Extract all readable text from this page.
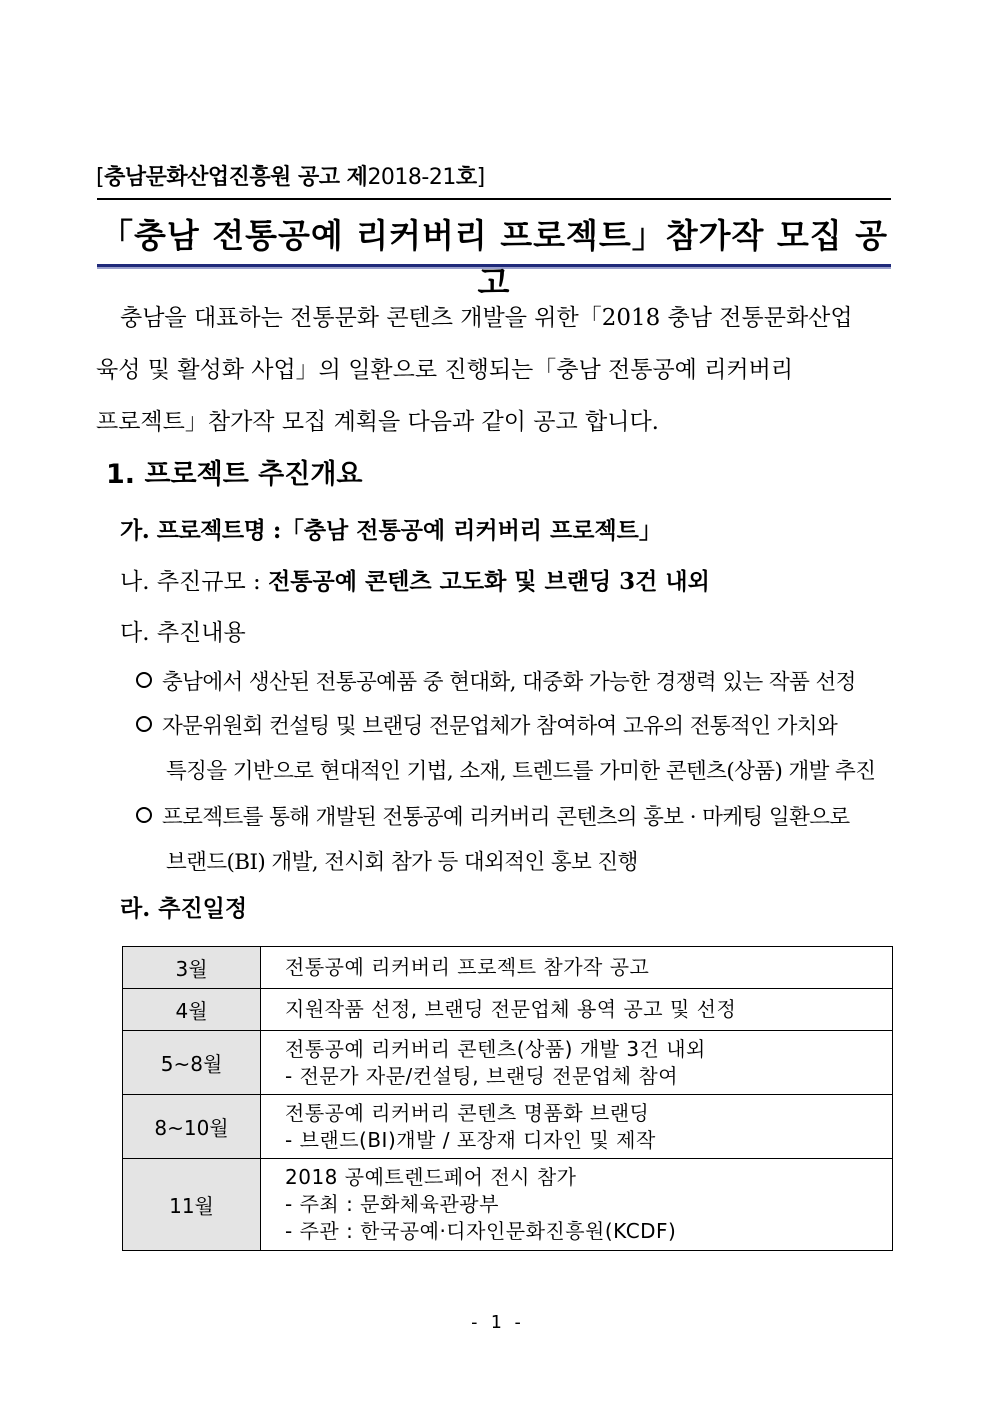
[충남문화산업진흥원 공고 제2018-21호]
「충남 전통공예 리커버리 프로젝트」참가작 모집 공고
충남을 대표하는 전통문화 콘텐츠 개발을 위한「2018 충남 전통문화산업
육성 및 활성화 사업」의 일환으로 진행되는「충남 전통공예 리커버리
프로젝트」참가작 모집 계획을 다음과 같이 공고 합니다.
1. 프로젝트 추진개요
가. 프로젝트명 :「충남 전통공예 리커버리 프로젝트」
나. 추진규모 : 전통공예 콘텐츠 고도화 및 브랜딩 3건 내외
다. 추진내용
충남에서 생산된 전통공예품 중 현대화, 대중화 가능한 경쟁력 있는 작품 선정
자문위원회 컨설팅 및 브랜딩 전문업체가 참여하여 고유의 전통적인 가치와
특징을 기반으로 현대적인 기법, 소재, 트렌드를 가미한 콘텐츠(상품) 개발 추진
프로젝트를 통해 개발된 전통공예 리커버리 콘텐츠의 홍보 · 마케팅 일환으로
브랜드(BI) 개발, 전시회 참가 등 대외적인 홍보 진행
라. 추진일정
3월	전통공예 리커버리 프로젝트 참가작 공고

4월	지원작품 선정, 브랜딩 전문업체 용역 공고 및 선정

5~8월	전통공예 리커버리 콘텐츠(상품) 개발 3건 내외
- 전문가 자문/컨설팅, 브랜딩 전문업체 참여

8~10월	전통공예 리커버리 콘텐츠 명품화 브랜딩
- 브랜드(BI)개발 / 포장재 디자인 및 제작

11월	2018 공예트렌드페어 전시 참가
- 주최 : 문화체육관광부
- 주관 : 한국공예·디자인문화진흥원(KCDF)
- 1 -
